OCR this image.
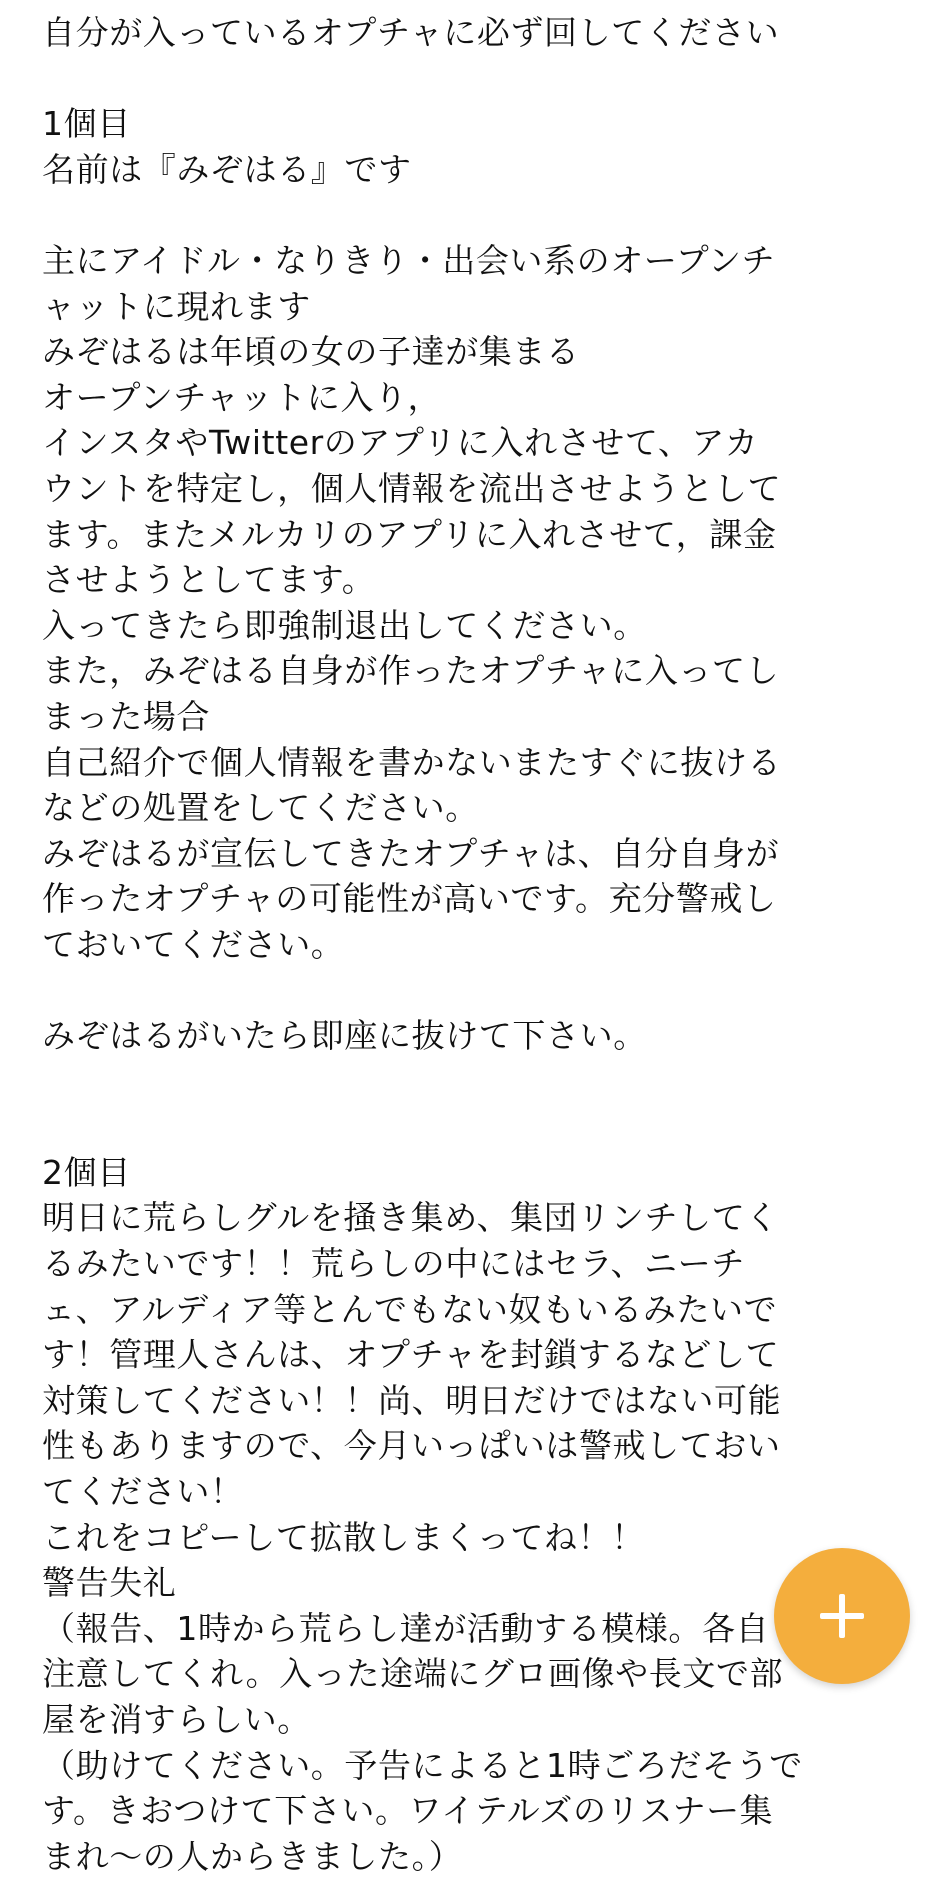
自分が入っているオプチャに必ず回してください
1個目
名前は『みぞはる』です
主にアイドル・なりきり・出会い系のオープンチ
ャットに現れます
みぞはるは年頃の女の子達が集まる
オープンチャットに入り，
インスタやTwitterのアプリに入れさせて、アカ
ウントを特定し，個人情報を流出させようとして
ます。またメルカリのアプリに入れさせて，課金
させようとしてます。
入ってきたら即強制退出してください。
また，みぞはる自身が作ったオプチャに入ってし
まった場合
自己紹介で個人情報を書かないまたすぐに抜ける
などの処置をしてください。
みぞはるが宣伝してきたオプチャは、自分自身が
作ったオプチャの可能性が高いです。充分警戒し
ておいてください。
みぞはるがいたら即座に抜けて下さい。
2個目
明日に荒らしグルを掻き集め、集団リンチしてく
るみたいです！！荒らしの中にはセラ、ニーチ
ェ、アルディア等とんでもない奴もいるみたいで
す！管理人さんは、オプチャを封鎖するなどして
対策してください！！尚、明日だけではない可能
性もありますので、今月いっぱいは警戒しておい
てください！
これをコピーして拡散しまくってね！！
警告失礼
（報告、1時から荒らし達が活動する模様。各自
注意してくれ。入った途端にグロ画像や長文で部
屋を消すらしい。
（助けてください。予告によると1時ごろだそうで
す。きおつけて下さい。ワイテルズのリスナー集
まれ～の人からきました。）
